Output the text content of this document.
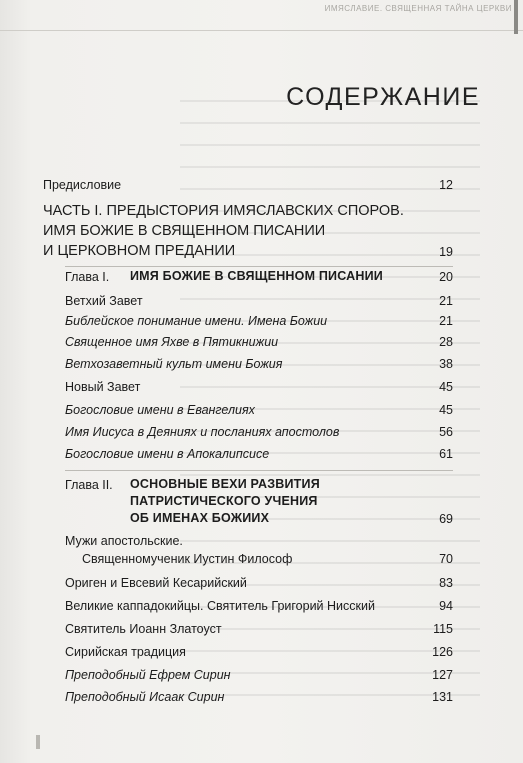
ИМЯСЛАВИЕ. СВЯЩЕННАЯ ТАЙНА ЦЕРКВИ
СОДЕРЖАНИЕ
Предисловие	12
ЧАСТЬ I. ПРЕДЫСТОРИЯ ИМЯСЛАВСКИХ СПОРОВ.
ИМЯ БОЖИЕ В СВЯЩЕННОМ ПИСАНИИ
И ЦЕРКОВНОМ ПРЕДАНИИ	19
Глава I. ИМЯ БОЖИЕ В СВЯЩЕННОМ ПИСАНИИ	20
Ветхий Завет	21
Библейское понимание имени. Имена Божии	21
Священное имя Яхве в Пятикнижии	28
Ветхозаветный культ имени Божия	38
Новый Завет	45
Богословие имени в Евангелиях	45
Имя Иисуса в Деяниях и посланиях апостолов	56
Богословие имени в Апокалипсисе	61
Глава II. ОСНОВНЫЕ ВЕХИ РАЗВИТИЯ
ПАТРИСТИЧЕСКОГО УЧЕНИЯ
ОБ ИМЕНАХ БОЖИИХ	69
Мужи апостольские.
Священномученик Иустин Философ	70
Ориген и Евсевий Кесарийский	83
Великие каппадокийцы. Святитель Григорий Нисский	94
Святитель Иоанн Златоуст	115
Сирийская традиция	126
Преподобный Ефрем Сирин	127
Преподобный Исаак Сирин	131
